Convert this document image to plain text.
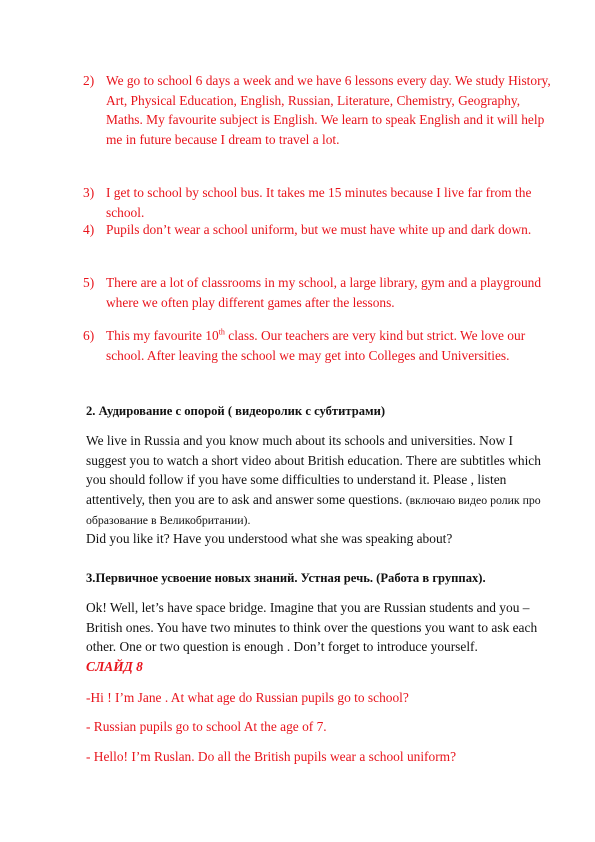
2) We go to school 6 days a week and we have 6 lessons every day. We study History, Art, Physical Education, English, Russian, Literature, Chemistry, Geography, Maths. My favourite subject is English. We learn to speak English and it will help me in future because I dream to travel a lot.
3) I get to school by school bus. It takes me 15 minutes because I live far from the school.
4) Pupils don’t wear a school uniform, but we must have white up and dark down.
5) There are a lot of classrooms in my school, a large library, gym and a playground where we often play different games after the lessons.
6) This my favourite 10th class. Our teachers are very kind but strict. We love our school. After leaving the school we may get into Colleges and Universities.
2. Аудирование с опорой ( видеоролик с субтитрами)
We live in Russia and you know much about its schools and universities. Now I suggest you to watch a short video about British education. There are subtitles which you should follow if you have some difficulties to understand it. Please , listen attentively, then you are to ask and answer some questions. (включаю видео ролик про образование в Великобритании).
Did you like it? Have you understood what she was speaking about?
3.Первичное усвоение новых знаний. Устная речь. (Работа в группах).
Ok! Well, let’s have space bridge. Imagine that you are Russian students and you – British ones. You have two minutes to think over the questions you want to ask each other. One or two question is enough . Don’t forget to introduce yourself.
СЛАЙД 8
-Hi ! I’m Jane . At what age do Russian pupils go to school?
- Russian pupils go to school At the age of 7.
- Hello! I’m Ruslan. Do all the British pupils wear a school uniform?
